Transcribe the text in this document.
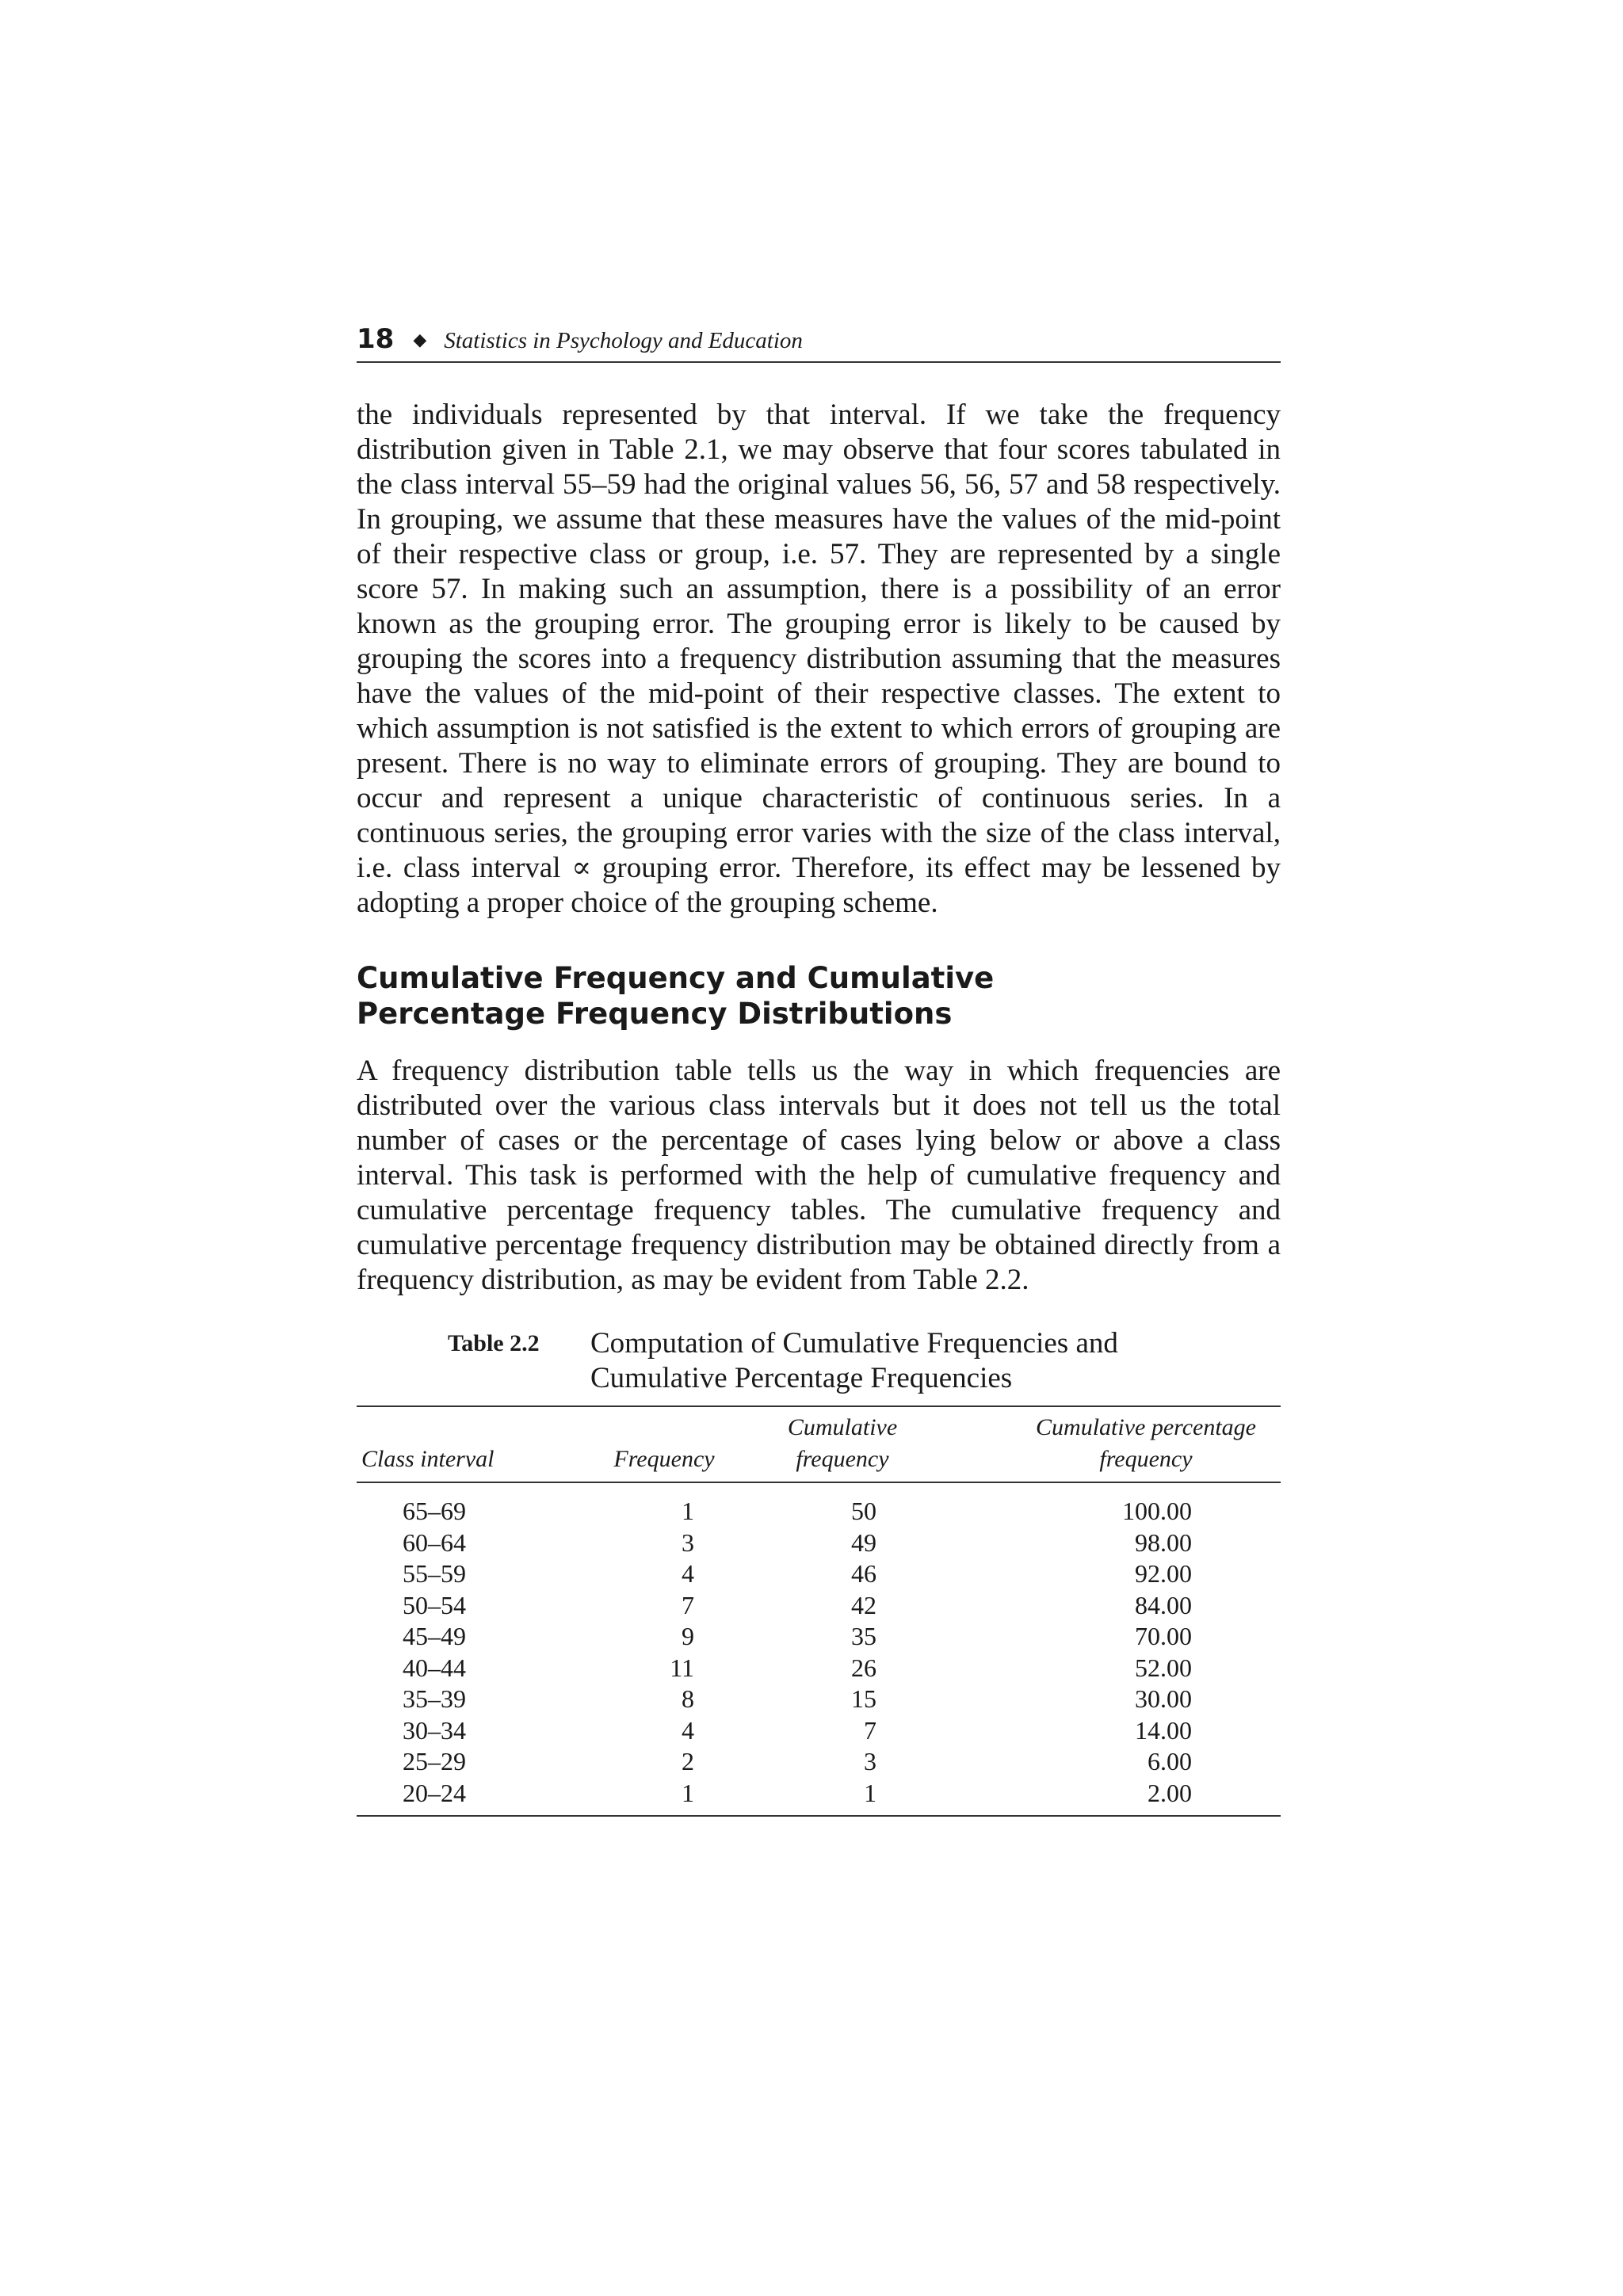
18 ◆ Statistics in Psychology and Education

the individuals represented by that interval. If we take the frequency distribution given in Table 2.1, we may observe that four scores tabulated in the class interval 55–59 had the original values 56, 56, 57 and 58 respectively. In grouping, we assume that these measures have the values of the mid-point of their respective class or group, i.e. 57. They are represented by a single score 57. In making such an assumption, there is a possibility of an error known as the grouping error. The grouping error is likely to be caused by grouping the scores into a frequency distribution assuming that the measures have the values of the mid-point of their respective classes. The extent to which assumption is not satisfied is the extent to which errors of grouping are present. There is no way to eliminate errors of grouping. They are bound to occur and represent a unique characteristic of continuous series. In a continuous series, the grouping error varies with the size of the class interval, i.e. class interval ∝ grouping error. Therefore, its effect may be lessened by adopting a proper choice of the grouping scheme.

Cumulative Frequency and Cumulative Percentage Frequency Distributions

A frequency distribution table tells us the way in which frequencies are distributed over the various class intervals but it does not tell us the total number of cases or the percentage of cases lying below or above a class interval. This task is performed with the help of cumulative frequency and cumulative percentage frequency tables. The cumulative frequency and cumulative percentage frequency distribution may be obtained directly from a frequency distribution, as may be evident from Table 2.2.

Table 2.2	Computation of Cumulative Frequencies and Cumulative Percentage Frequencies
Class interval	Frequency	Cumulative frequency	Cumulative percentage frequency

65–69	1	50	100.00
60–64	3	49	98.00
55–59	4	46	92.00
50–54	7	42	84.00
45–49	9	35	70.00
40–44	11	26	52.00
35–39	8	15	30.00
30–34	4	7	14.00
25–29	2	3	6.00
20–24	1	1	2.00
